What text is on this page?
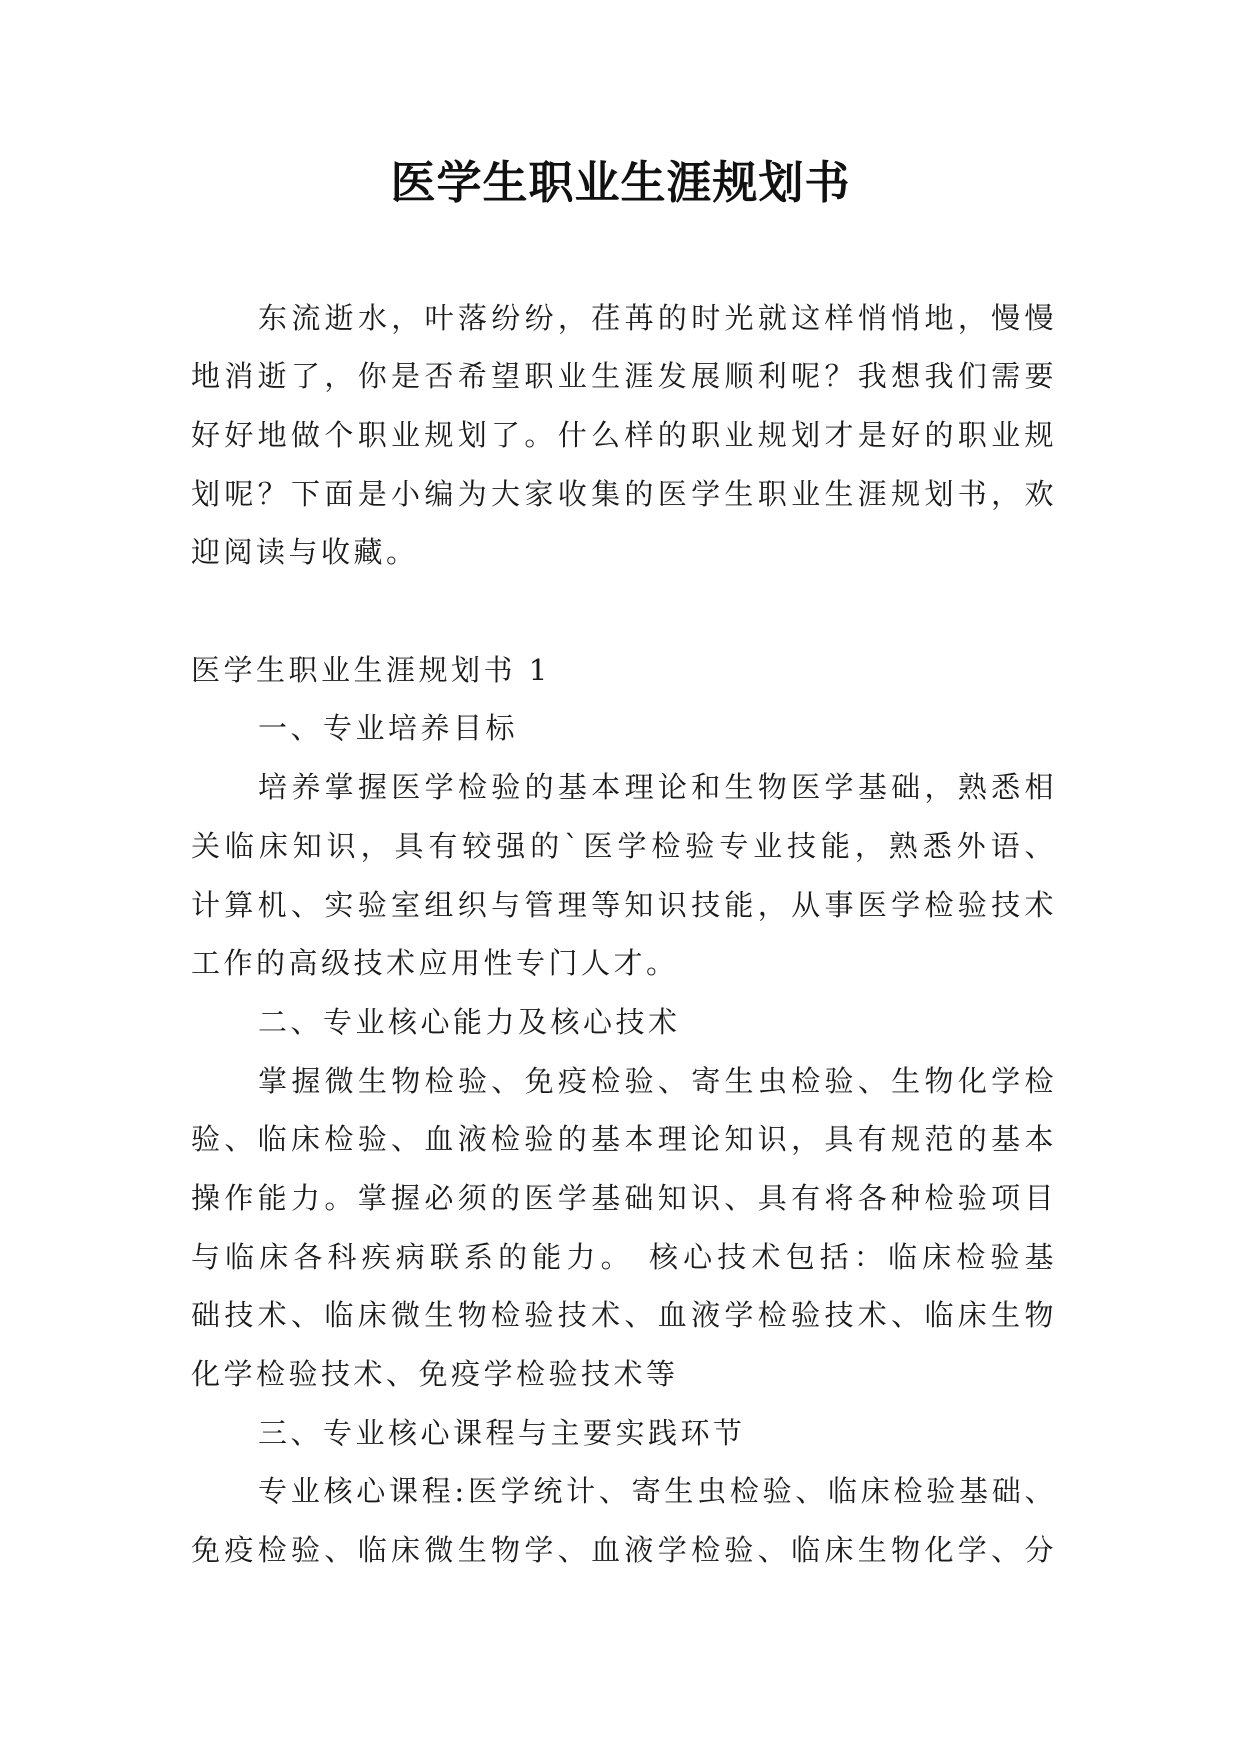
医学生职业生涯规划书
东流逝水，叶落纷纷，荏苒的时光就这样悄悄地，慢慢
地消逝了，你是否希望职业生涯发展顺利呢？我想我们需要
好好地做个职业规划了。什么样的职业规划才是好的职业规
划呢？下面是小编为大家收集的医学生职业生涯规划书，欢
迎阅读与收藏。
医学生职业生涯规划书 1
一、专业培养目标
培养掌握医学检验的基本理论和生物医学基础，熟悉相
关临床知识，具有较强的`医学检验专业技能，熟悉外语、
计算机、实验室组织与管理等知识技能，从事医学检验技术
工作的高级技术应用性专门人才。
二、专业核心能力及核心技术
掌握微生物检验、免疫检验、寄生虫检验、生物化学检
验、临床检验、血液检验的基本理论知识，具有规范的基本
操作能力。掌握必须的医学基础知识、具有将各种检验项目
与临床各科疾病联系的能力。 核心技术包括：临床检验基
础技术、临床微生物检验技术、血液学检验技术、临床生物
化学检验技术、免疫学检验技术等
三、专业核心课程与主要实践环节
专业核心课程:医学统计、寄生虫检验、临床检验基础、
免疫检验、临床微生物学、血液学检验、临床生物化学、分
